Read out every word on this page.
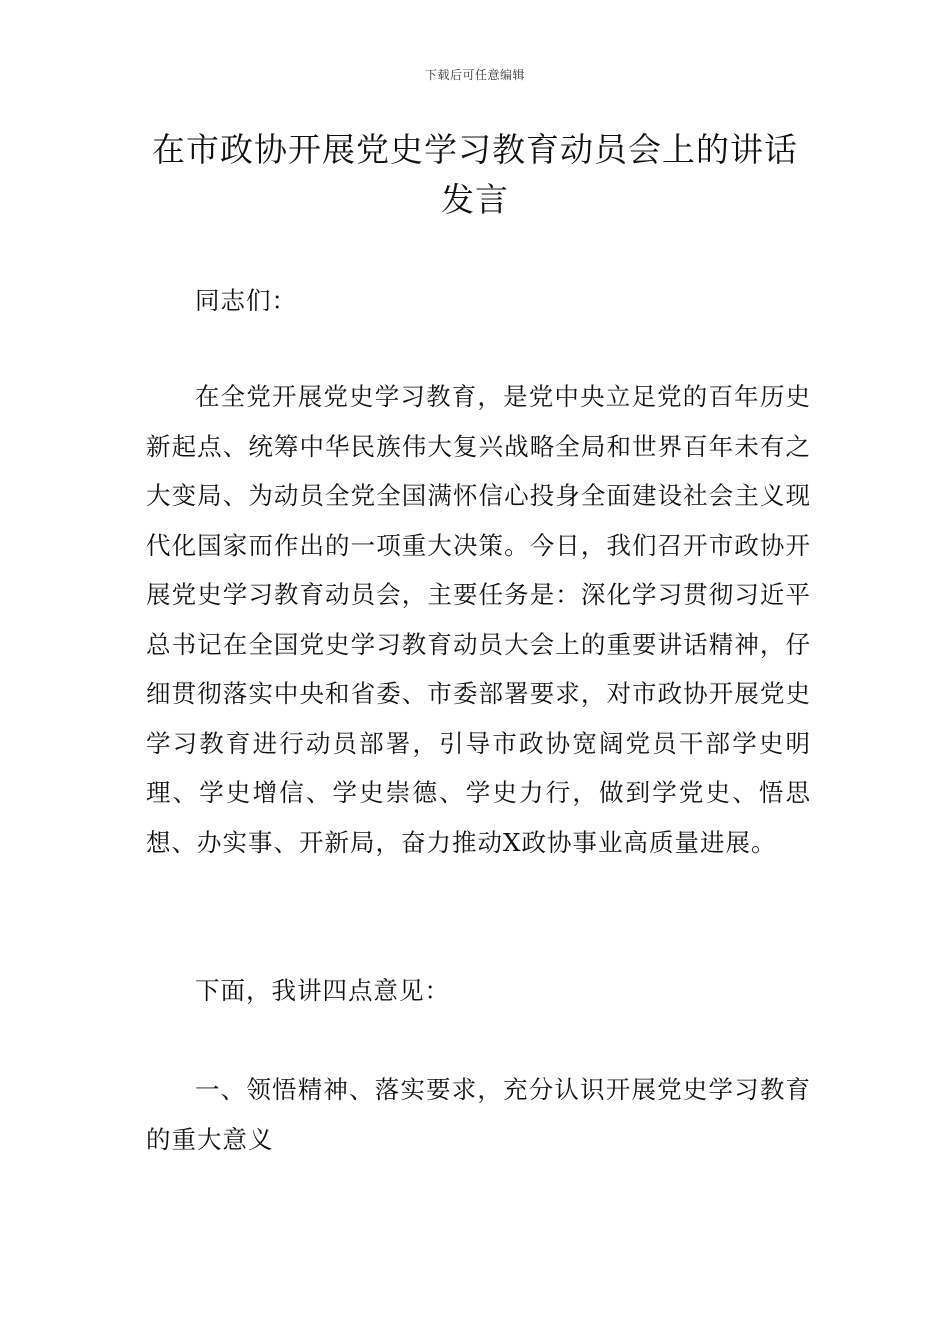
下载后可任意编辑
在市政协开展党史学习教育动员会上的讲话发言

同志们：

在全党开展党史学习教育，是党中央立足党的百年历史新起点、统筹中华民族伟大复兴战略全局和世界百年未有之大变局、为动员全党全国满怀信心投身全面建设社会主义现代化国家而作出的一项重大决策。今日，我们召开市政协开展党史学习教育动员会，主要任务是：深化学习贯彻习近平总书记在全国党史学习教育动员大会上的重要讲话精神，仔细贯彻落实中央和省委、市委部署要求，对市政协开展党史学习教育进行动员部署，引导市政协宽阔党员干部学史明理、学史增信、学史崇德、学史力行，做到学党史、悟思想、办实事、开新局，奋力推动X政协事业高质量进展。

下面，我讲四点意见：

一、领悟精神、落实要求，充分认识开展党史学习教育的重大意义
